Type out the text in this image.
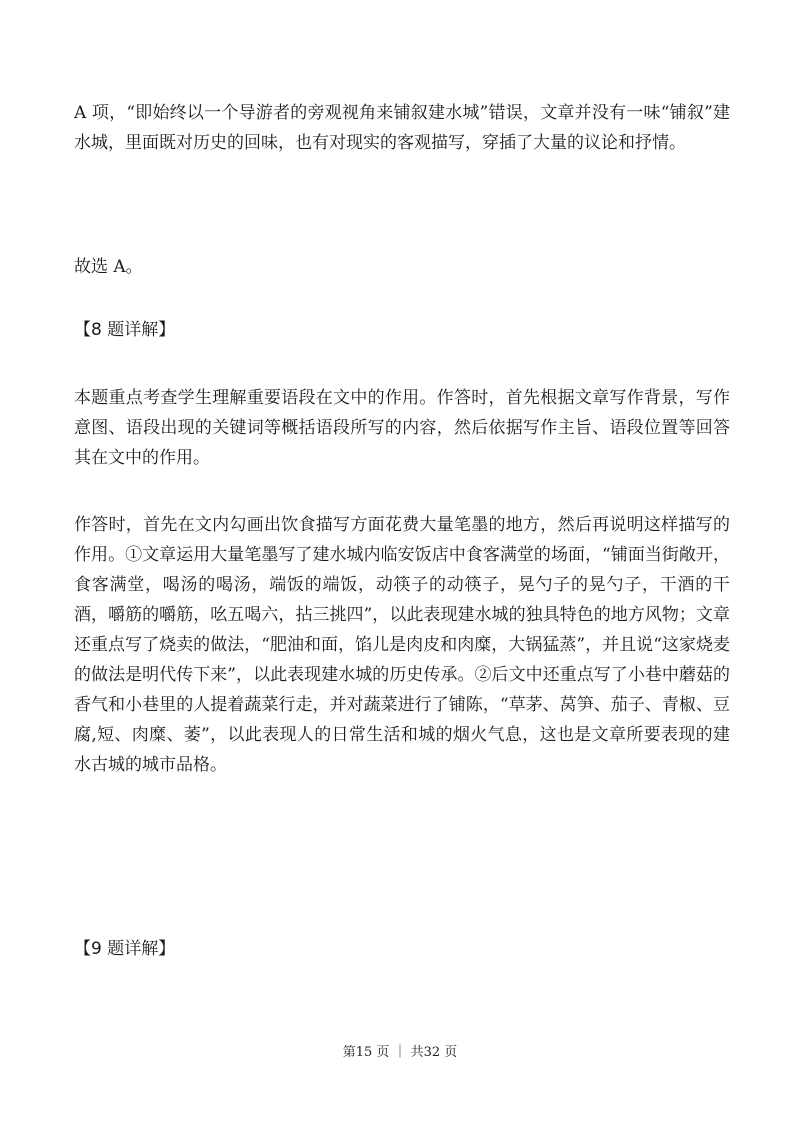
A 项，“即始终以一个导游者的旁观视角来铺叙建水城”错误，文章并没有一味“铺叙”建水城，里面既对历史的回味，也有对现实的客观描写，穿插了大量的议论和抒情。

故选 A。

【8 题详解】

本题重点考查学生理解重要语段在文中的作用。作答时，首先根据文章写作背景，写作意图、语段出现的关键词等概括语段所写的内容，然后依据写作主旨、语段位置等回答其在文中的作用。

作答时，首先在文内勾画出饮食描写方面花费大量笔墨的地方，然后再说明这样描写的作用。①文章运用大量笔墨写了建水城内临安饭店中食客满堂的场面，“铺面当街敞开，食客满堂，喝汤的喝汤，端饭的端饭，动筷子的动筷子，晃勺子的晃勺子，干酒的干酒，嚼筋的嚼筋，吆五喝六，拈三挑四”，以此表现建水城的独具特色的地方风物；文章还重点写了烧卖的做法，“肥油和面，馅儿是肉皮和肉糜，大锅猛蒸”，并且说“这家烧麦的做法是明代传下来”，以此表现建水城的历史传承。②后文中还重点写了小巷中蘑菇的香气和小巷里的人提着蔬菜行走，并对蔬菜进行了铺陈，“草茅、莴笋、茄子、青椒、豆腐,短、肉糜、萎”，以此表现人的日常生活和城的烟火气息，这也是文章所要表现的建水古城的城市品格。

【9 题详解】

第15 页 ｜ 共32 页
